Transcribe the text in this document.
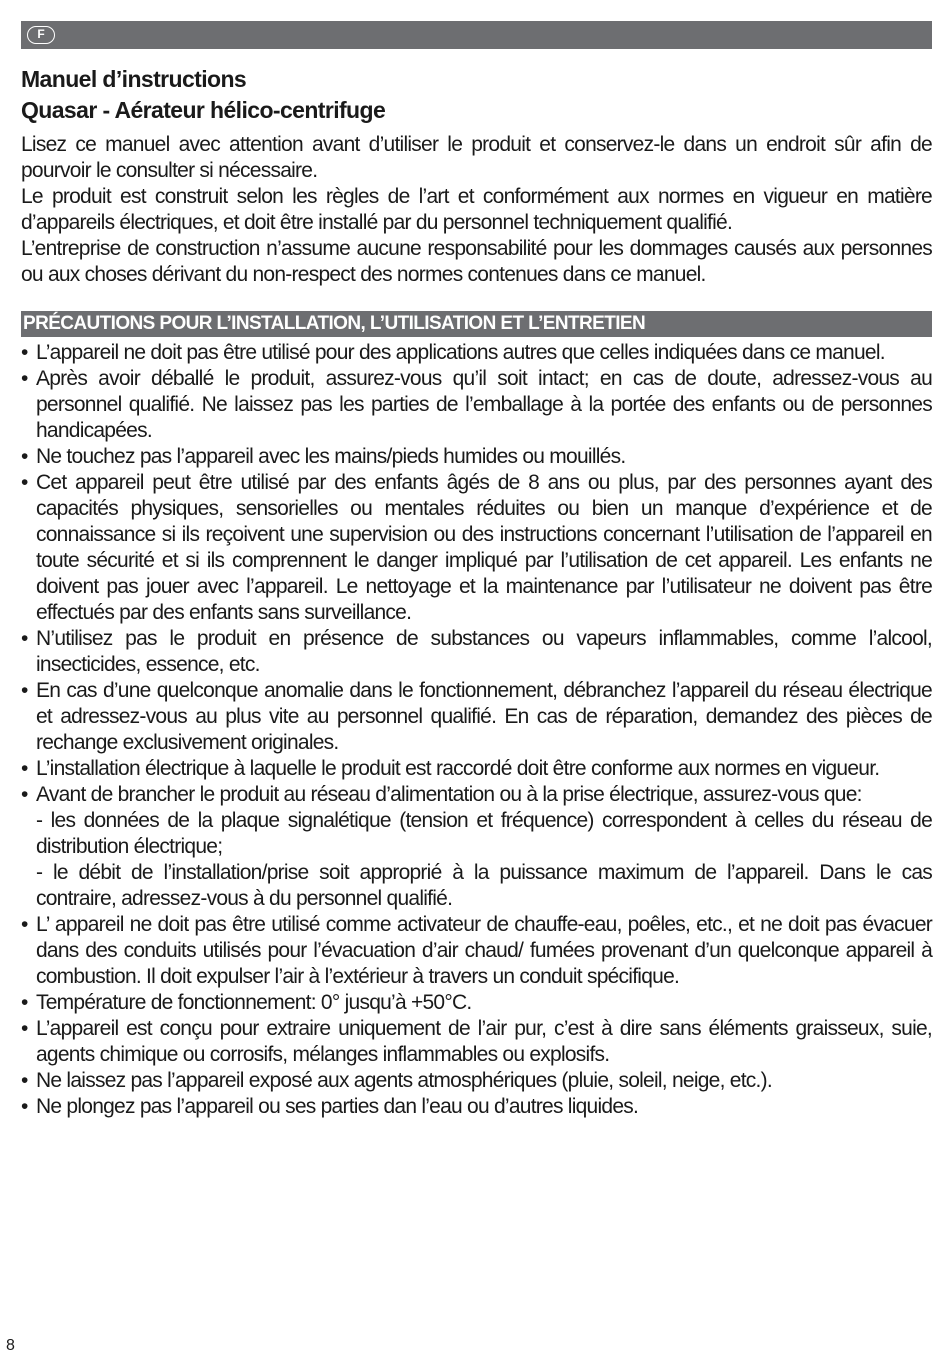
F
Manuel d’instructions
Quasar - Aérateur hélico-centrifuge

Lisez ce manuel avec attention avant d’utiliser le produit et conservez-le dans un endroit sûr afin de pourvoir le consulter si nécessaire.

Le produit est construit selon les règles de l’art et conformément aux normes en vigueur en matière d’appareils électriques, et doit être installé par du personnel techniquement qualifié.

L’entreprise de construction n’assume aucune responsabilité pour les dommages causés aux personnes ou aux choses dérivant du non-respect des normes contenues dans ce manuel.

PRÉCAUTIONS POUR L’INSTALLATION, L’UTILISATION ET L’ENTRETIEN
• L’appareil ne doit pas être utilisé pour des applications autres que celles indiquées dans ce manuel.
• Après avoir déballé le produit, assurez-vous qu’il soit intact; en cas de doute, adressez-vous au personnel qualifié. Ne laissez pas les parties de l’emballage à la portée des enfants ou de personnes handicapées.
• Ne touchez pas l’appareil avec les mains/pieds humides ou mouillés.
• Cet appareil peut être utilisé par des enfants âgés de 8 ans ou plus, par des personnes ayant des capacités physiques, sensorielles ou mentales réduites ou bien un manque d’expérience et de connaissance si ils reçoivent une supervision ou des instructions concernant l’utilisation de l’appareil en toute sécurité et si ils comprennent le danger impliqué par l’utilisation de cet appareil. Les enfants ne doivent pas jouer avec l’appareil. Le nettoyage et la maintenance par l’utilisateur ne doivent pas être effectués par des enfants sans surveillance.
• N’utilisez pas le produit en présence de substances ou vapeurs inflammables, comme l’alcool, insecticides, essence, etc.
• En cas d’une quelconque anomalie dans le fonctionnement, débranchez l’appareil du réseau électrique et adressez-vous au plus vite au personnel qualifié. En cas de réparation, demandez des pièces de rechange exclusivement originales.
• L’installation électrique à laquelle le produit est raccordé doit être conforme aux normes en vigueur.
• Avant de brancher le produit au réseau d’alimentation ou à la prise électrique, assurez-vous que:
- les données de la plaque signalétique (tension et fréquence) correspondent à celles du réseau de distribution électrique;
- le débit de l’installation/prise soit approprié à la puissance maximum de l’appareil. Dans le cas contraire, adressez-vous à du personnel qualifié.
• L’ appareil ne doit pas être utilisé comme activateur de chauffe-eau, poêles, etc., et ne doit pas évacuer dans des conduits utilisés pour l’évacuation d’air chaud/ fumées provenant d’un quelconque appareil à combustion. Il doit expulser l’air à l’extérieur à travers un conduit spécifique.
• Température de fonctionnement: 0° jusqu’à +50°C.
• L’appareil est conçu pour extraire uniquement de l’air pur, c’est à dire sans éléments graisseux, suie, agents chimique ou corrosifs, mélanges inflammables ou explosifs.
• Ne laissez pas l’appareil exposé aux agents atmosphériques (pluie, soleil, neige, etc.).
• Ne plongez pas l’appareil ou ses parties dan l’eau ou d’autres liquides.
8
